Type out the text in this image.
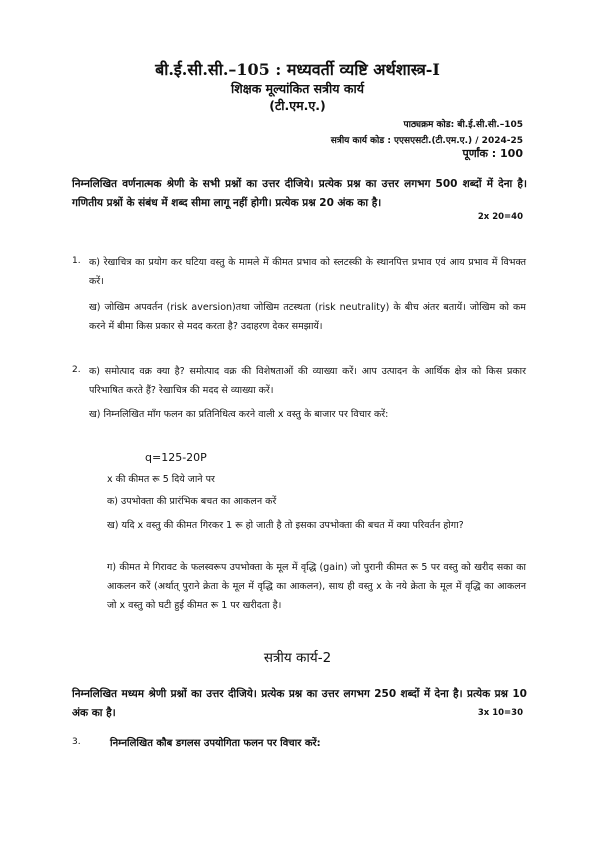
बी.ई.सी.सी.–105 : मध्यवर्ती व्यष्टि अर्थशास्त्र-I
शिक्षक मूल्यांकित सत्रीय कार्य
(टी.एम.ए.)
पाठ्यक्रम कोड: बी.ई.सी.सी.–105
सत्रीय कार्य कोड : एएसएसटी.(टी.एम.ए.) / 2024-25
पूर्णांक : 100
निम्नलिखित वर्णनात्मक श्रेणी के सभी प्रश्नों का उत्तर दीजिये। प्रत्येक प्रश्न का उत्तर लगभग 500 शब्दों में देना है। गणितीय प्रश्नों के संबंध में शब्द सीमा लागू नहीं होगी। प्रत्येक प्रश्न 20 अंक का है।
2x 20=40
1. क) रेखाचित्र का प्रयोग कर घटिया वस्तु के मामले में कीमत प्रभाव को स्लटस्की के स्थानपित्त प्रभाव एवं आय प्रभाव में विभक्त करें।
ख) जोखिम अपवर्तन (risk aversion)तथा जोखिम तटस्थता (risk neutrality) के बीच अंतर बतायें। जोखिम को कम करने में बीमा किस प्रकार से मदद करता है? उदाहरण देकर समझायें।
2. क) समोत्पाद वक्र क्या है? समोत्पाद वक्र की विशेषताओं की व्याख्या करें। आप उत्पादन के आर्थिक क्षेत्र को किस प्रकार परिभाषित करते हैं? रेखाचित्र की मदद से व्याख्या करें।
ख) निम्नलिखित माँग फलन का प्रतिनिधित्व करने वाली x वस्तु के बाजार पर विचार करें:
q=125-20P
x की कीमत रू 5 दिये जाने पर
क) उपभोक्ता की प्रारंभिक बचत का आकलन करें
ख) यदि x वस्तु की कीमत गिरकर 1 रू हो जाती है तो इसका उपभोक्ता की बचत में क्या परिवर्तन होगा?
ग) कीमत मे गिरावट के फलस्वरूप उपभोक्ता के मूल में वृद्धि (gain) जो पुरानी कीमत रू 5 पर वस्तु को खरीद सका का आकलन करें (अर्थात् पुराने क्रेता के मूल में वृद्धि का आकलन), साथ ही वस्तु x के नये क्रेता के मूल में वृद्धि का आकलन जो x वस्तु को घटी हुई कीमत रू 1 पर खरीदता है।
सत्रीय कार्य-2
निम्नलिखित मध्यम श्रेणी प्रश्नों का उत्तर दीजिये। प्रत्येक प्रश्न का उत्तर लगभग 250 शब्दों में देना है। प्रत्येक प्रश्न 10 अंक का है।	3x 10=30
3.	निम्नलिखित कौब डगलस उपयोगिता फलन पर विचार करें:
